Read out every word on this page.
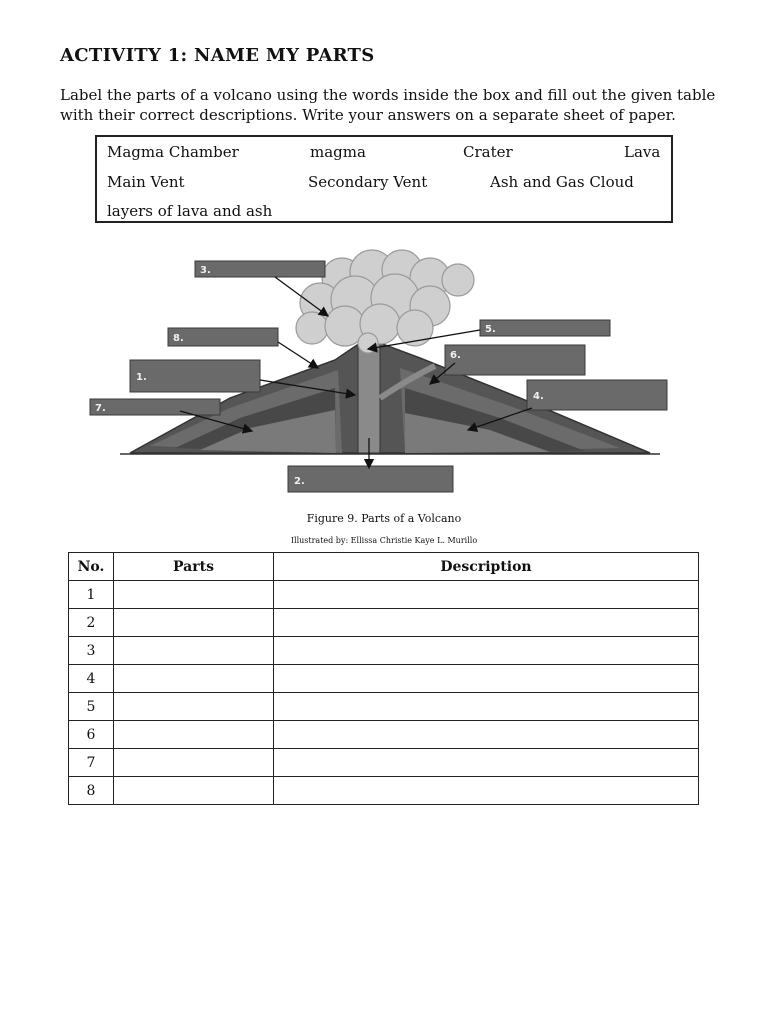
ACTIVITY 1: NAME MY PARTS
Label the parts of a volcano using the words inside the box and fill out the given table with their correct descriptions. Write your answers on a separate sheet of paper.
Magma Chamber	magma	Crater	Lava
Main Vent	Secondary Vent	Ash and Gas Cloud
layers of lava and ash
3.
8.
1.
7.
5.
6.
4.
2.
Figure 9. Parts of a Volcano
Illustrated by: Ellissa Christie Kaye L. Murillo
No.	Parts	Description
1		
2		
3		
4		
5		
6		
7		
8		
